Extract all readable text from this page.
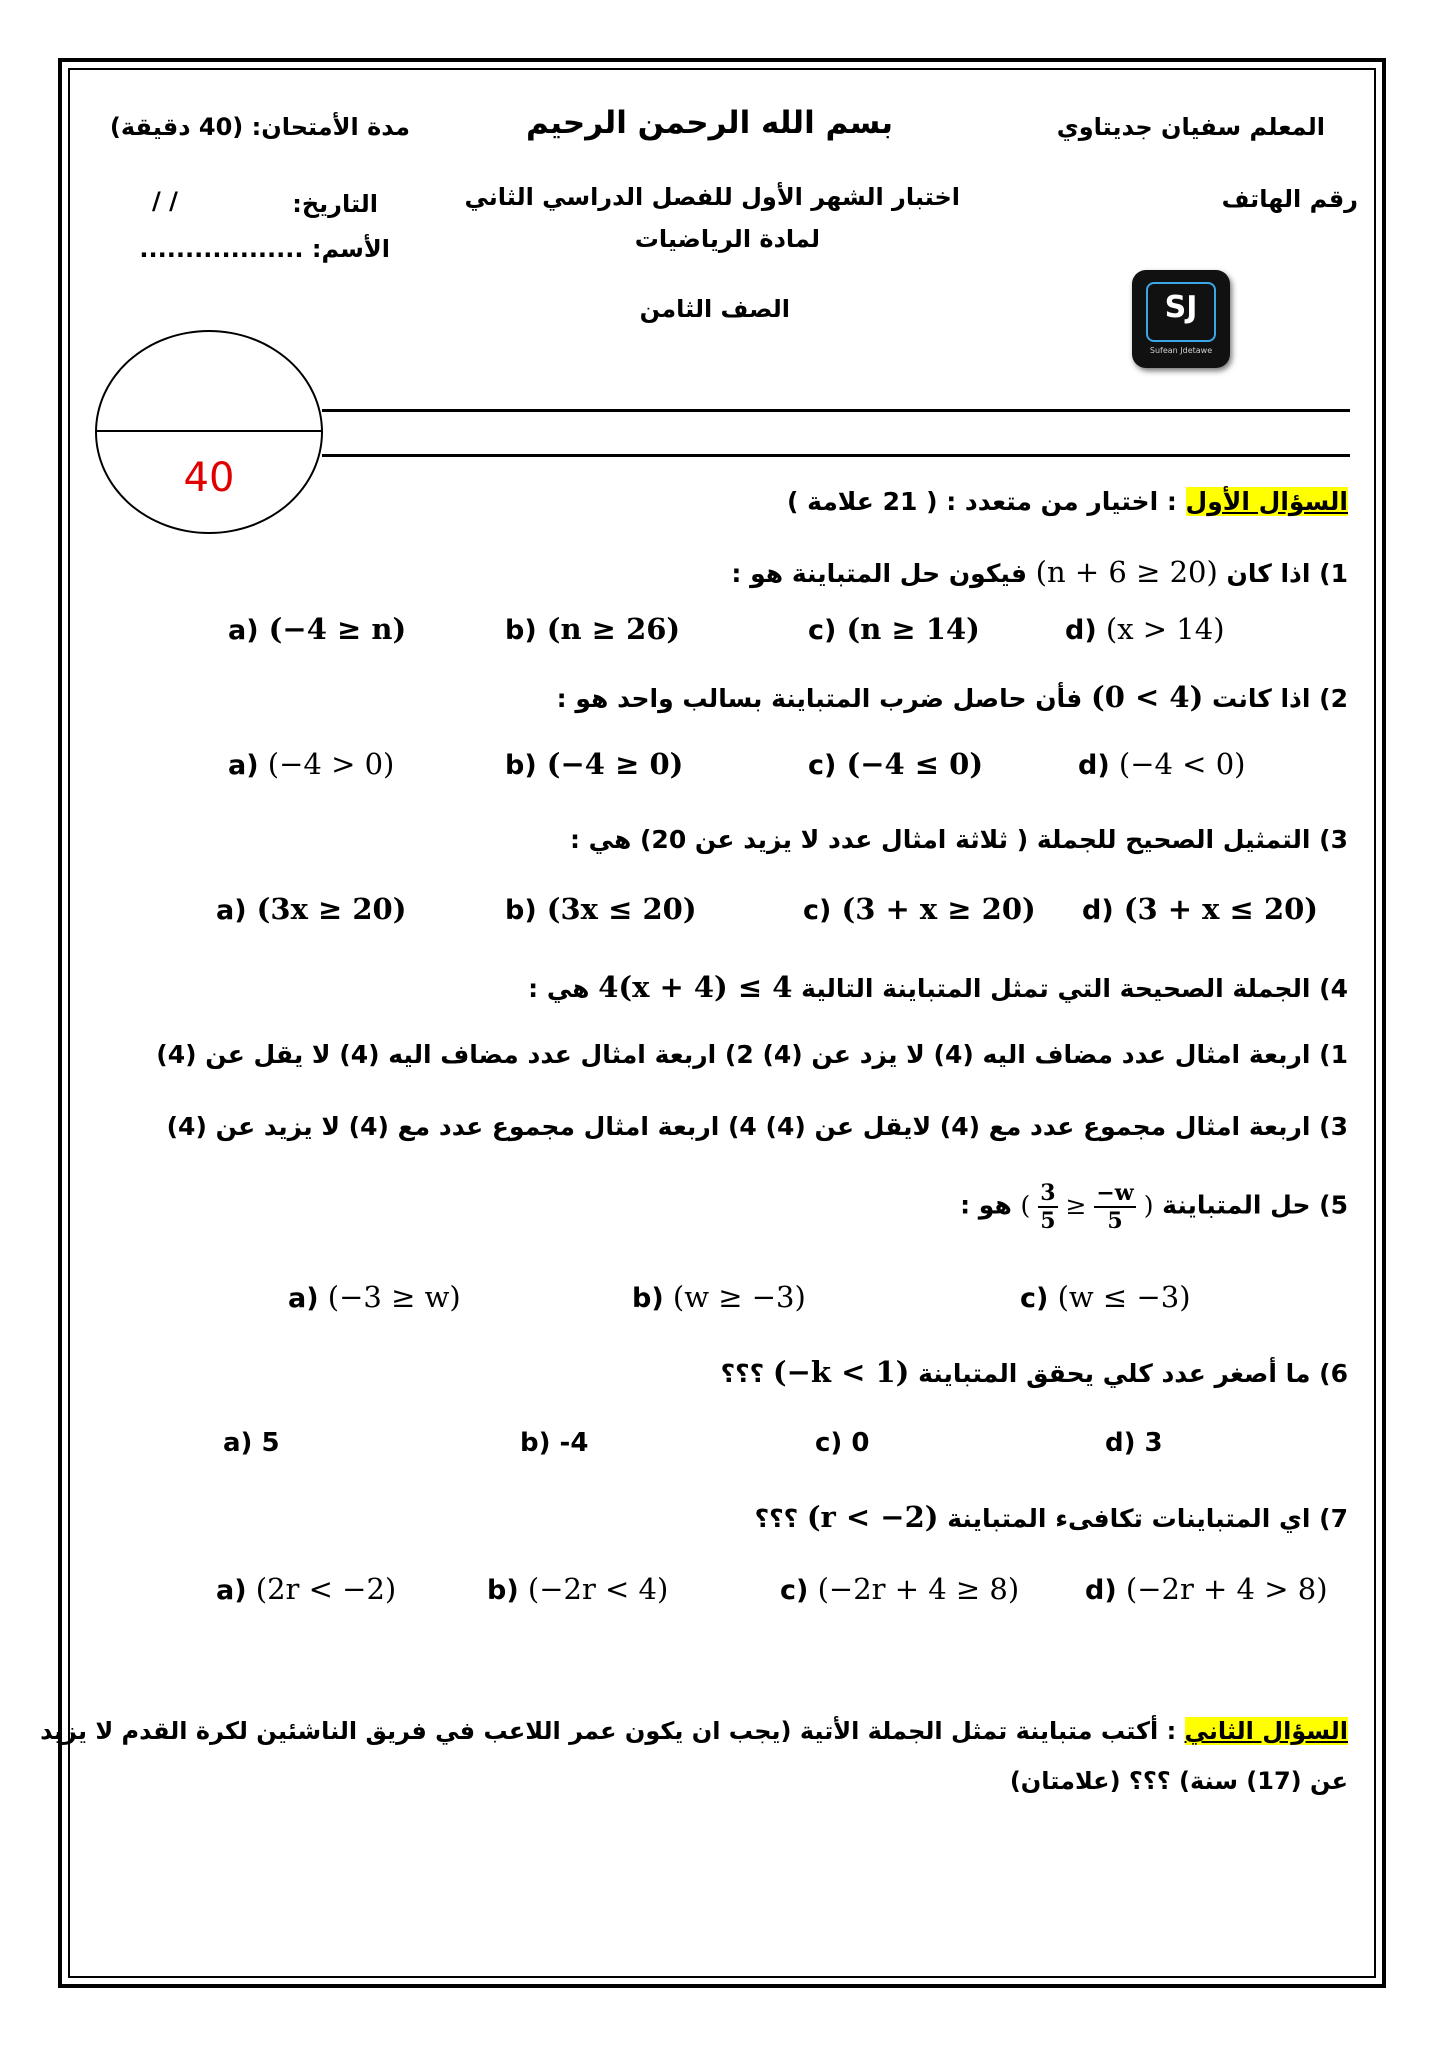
المعلم سفيان جديتاوي
بسم الله الرحمن الرحيم
مدة الأمتحان: (40 دقيقة)
رقم الهاتف
اختبار الشهر الأول للفصل الدراسي الثاني
لمادة الرياضيات
الصف الثامن
التاريخ:
/ /
الأسم: ..................
SJ
Sufean Jdetawe
40
السؤال الأول : اختيار من متعدد : ( 21 علامة )
1) اذا كان (n + 6 ≥ 20) فيكون حل المتباينة هو :
a) (−4 ≥ n)	b) (n ≥ 26)	c) (n ≥ 14)	d) (x > 14)
2) اذا كانت (0 < 4) فأن حاصل ضرب المتباينة بسالب واحد هو :
a) (−4 > 0)	b) (−4 ≥ 0)	c) (−4 ≤ 0)	d) (−4 < 0)
3) التمثيل الصحيح للجملة ( ثلاثة امثال عدد لا يزيد عن 20) هي :
a) (3x ≥ 20)	b) (3x ≤ 20)	c) (3 + x ≥ 20) d) (3 + x ≤ 20)
4) الجملة الصحيحة التي تمثل المتباينة التالية 4(x + 4) ≤ 4 هي :
1) اربعة امثال عدد مضاف اليه (4) لا يزد عن (4) 2) اربعة امثال عدد مضاف اليه (4) لا يقل عن (4)
3) اربعة امثال مجموع عدد مع (4) لايقل عن (4) 4) اربعة امثال مجموع عدد مع (4) لا يزيد عن (4)
5) حل المتباينة ( $\frac{3}{5} \ge \frac{-w}{5}$ ) هو :
a) (−3 ≥ w)	b) (w ≥ −3)	c) (w ≤ −3)
6) ما أصغر عدد كلي يحقق المتباينة (−k < 1) ؟؟؟
a) 5	b) -4	c) 0	d) 3
7) اي المتباينات تكافىء المتباينة (r < −2) ؟؟؟
a) (2r < −2)	b) (−2r < 4)	c) (−2r + 4 ≥ 8) d) (−2r + 4 > 8)
السؤال الثاني : أكتب متباينة تمثل الجملة الأتية (يجب ان يكون عمر اللاعب في فريق الناشئين لكرة القدم لا يزيد
عن (17) سنة) ؟؟؟ (علامتان)
